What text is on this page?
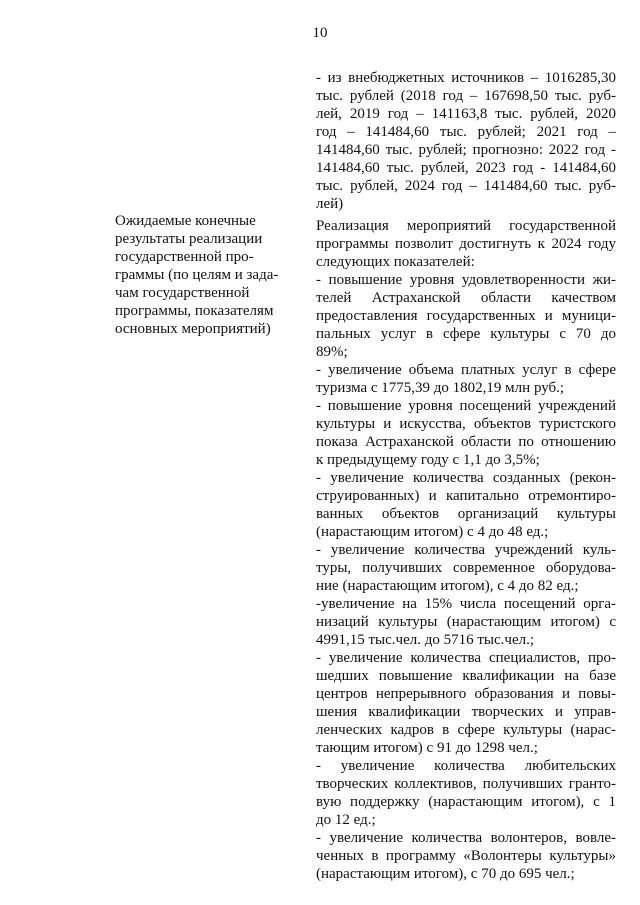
10
Ожидаемые конечные
результаты реализации
государственной про-
граммы (по целям и зада-
чам государственной
программы, показателям
основных мероприятий)
- из внебюджетных источников – 1016285,30
тыс. рублей (2018 год – 167698,50 тыс. руб-
лей, 2019 год – 141163,8 тыс. рублей, 2020
год – 141484,60 тыс. рублей; 2021 год –
141484,60 тыс. рублей; прогнозно: 2022 год -
141484,60 тыс. рублей, 2023 год - 141484,60
тыс. рублей, 2024 год – 141484,60 тыс. руб-
лей)
Реализация мероприятий государственной
программы позволит достигнуть к 2024 году
следующих показателей:
- повышение уровня удовлетворенности жи-
телей Астраханской области качеством
предоставления государственных и муници-
пальных услуг в сфере культуры с 70 до
89%;
- увеличение объема платных услуг в сфере
туризма с 1775,39 до 1802,19 млн руб.;
- повышение уровня посещений учреждений
культуры и искусства, объектов туристского
показа Астраханской области по отношению
к предыдущему году с 1,1 до 3,5%;
- увеличение количества созданных (рекон-
струированных) и капитально отремонтиро-
ванных объектов организаций культуры
(нарастающим итогом) с 4 до 48 ед.;
- увеличение количества учреждений куль-
туры, получивших современное оборудова-
ние (нарастающим итогом), с 4 до 82 ед.;
-увеличение на 15% числа посещений орга-
низаций культуры (нарастающим итогом) с
4991,15 тыс.чел. до 5716 тыс.чел.;
- увеличение количества специалистов, про-
шедших повышение квалификации на базе
центров непрерывного образования и повы-
шения квалификации творческих и управ-
ленческих кадров в сфере культуры (нарас-
тающим итогом) с 91 до 1298 чел.;
- увеличение количества любительских
творческих коллективов, получивших гранто-
вую поддержку (нарастающим итогом), с 1
до 12 ед.;
- увеличение количества волонтеров, вовле-
ченных в программу «Волонтеры культуры»
(нарастающим итогом), с 70 до 695 чел.;
